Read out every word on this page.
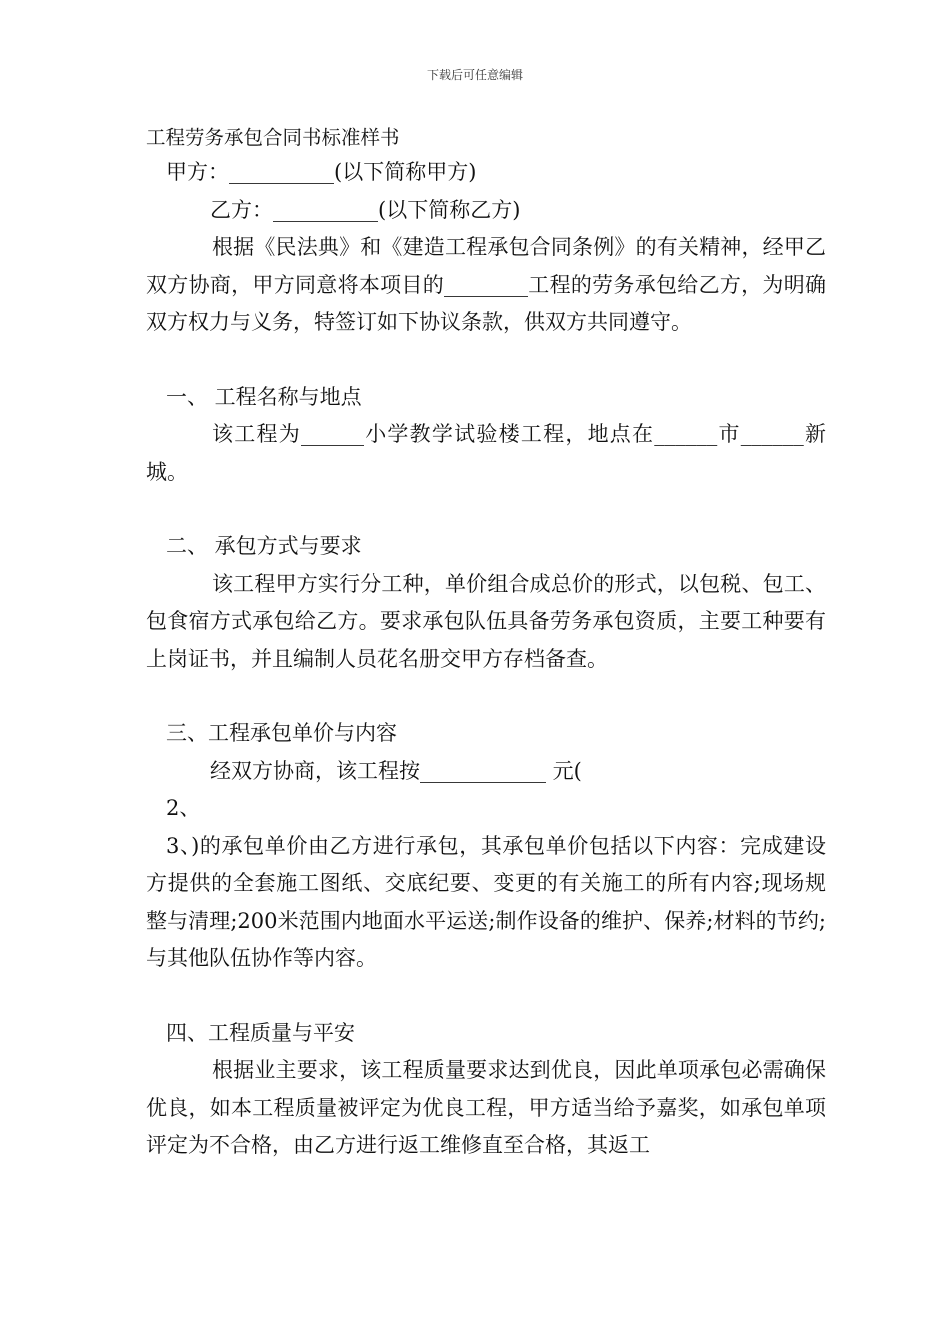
下载后可任意编辑

工程劳务承包合同书标准样书

甲方：__________(以下简称甲方)

乙方：__________(以下简称乙方)

根据《民法典》和《建造工程承包合同条例》的有关精神，经甲乙双方协商，甲方同意将本项目的________工程的劳务承包给乙方，为明确双方权力与义务，特签订如下协议条款，供双方共同遵守。

一、 工程名称与地点

该工程为______小学教学试验楼工程，地点在______市______新城。

二、 承包方式与要求

该工程甲方实行分工种，单价组合成总价的形式，以包税、包工、包食宿方式承包给乙方。要求承包队伍具备劳务承包资质，主要工种要有上岗证书，并且编制人员花名册交甲方存档备查。

三、工程承包单价与内容

经双方协商，该工程按____________ 元(

2、

3、)的承包单价由乙方进行承包，其承包单价包括以下内容：完成建设方提供的全套施工图纸、交底纪要、变更的有关施工的所有内容;现场规 整与清理;200米范围内地面水平运送;制作设备的维护、保养;材料的节约;与其他队伍协作等内容。

四、工程质量与平安

根据业主要求，该工程质量要求达到优良，因此单项承包必需确保优良，如本工程质量被评定为优良工程，甲方适当给予嘉奖，如承包单项评定为不合格，由乙方进行返工维修直至合格，其返工
